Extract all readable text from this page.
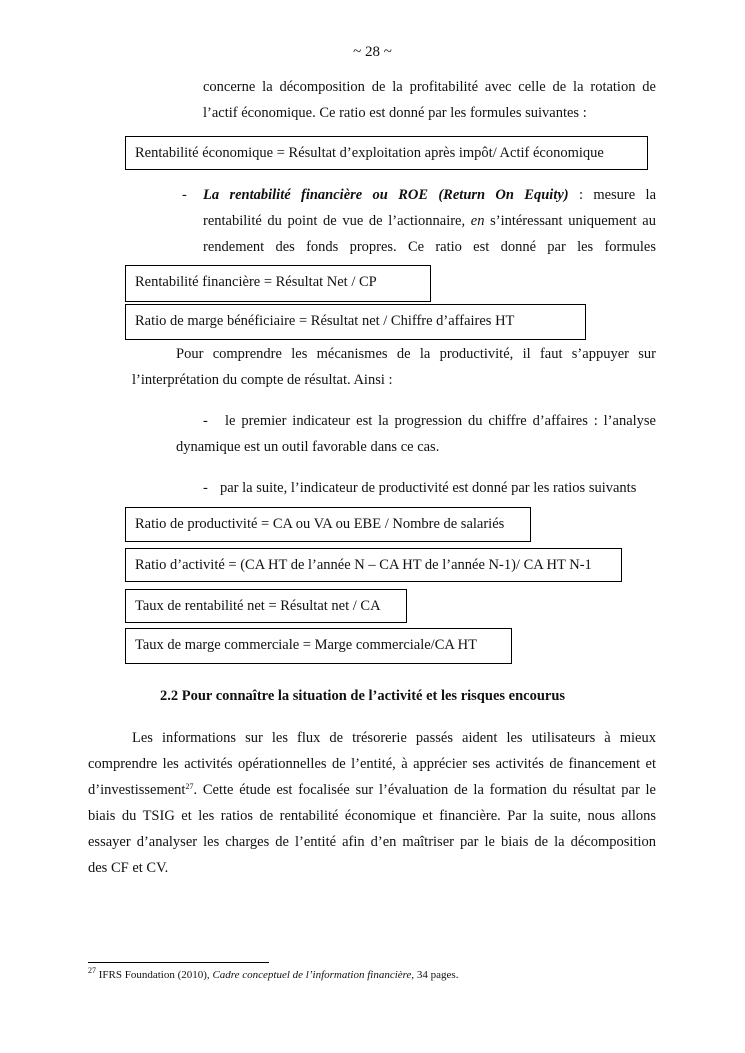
~ 28 ~
concerne la décomposition de la profitabilité avec celle de la rotation de
l’actif économique. Ce ratio est donné par les formules suivantes :
Rentabilité économique = Résultat d’exploitation après impôt/ Actif économique
- La rentabilité financière ou ROE (Return On Equity) : mesure la
rentabilité du point de vue de l’actionnaire, en s’intéressant uniquement au
rendement des fonds propres. Ce ratio est donné par les formules
Rentabilité financière = Résultat Net / CP
Ratio de marge bénéficiaire = Résultat net / Chiffre d’affaires HT
Pour comprendre les mécanismes de la productivité, il faut s’appuyer sur
l’interprétation du compte de résultat. Ainsi :
- le premier indicateur est la progression du chiffre d’affaires : l’analyse
dynamique est un outil favorable dans ce cas.
- par la suite, l’indicateur de productivité est donné par les ratios suivants
Ratio de productivité = CA ou VA ou EBE / Nombre de salariés
Ratio d’activité = (CA HT de l’année N – CA HT de l’année N-1)/ CA HT N-1
Taux de rentabilité net = Résultat net / CA
Taux de marge commerciale = Marge commerciale/CA HT
2.2 Pour connaître la situation de l’activité et les risques encourus
Les informations sur les flux de trésorerie passés aident les utilisateurs à mieux
comprendre les activités opérationnelles de l’entité, à apprécier ses activités de financement et
d’investissement$^{27}$. Cette étude est focalisée sur l’évaluation de la formation du résultat par le
biais du TSIG et les ratios de rentabilité économique et financière. Par la suite, nous allons
essayer d’analyser les charges de l’entité afin d’en maîtriser par le biais de la décomposition
des CF et CV.
$^{27}$ IFRS Foundation (2010), Cadre conceptuel de l’information financière, 34 pages.
